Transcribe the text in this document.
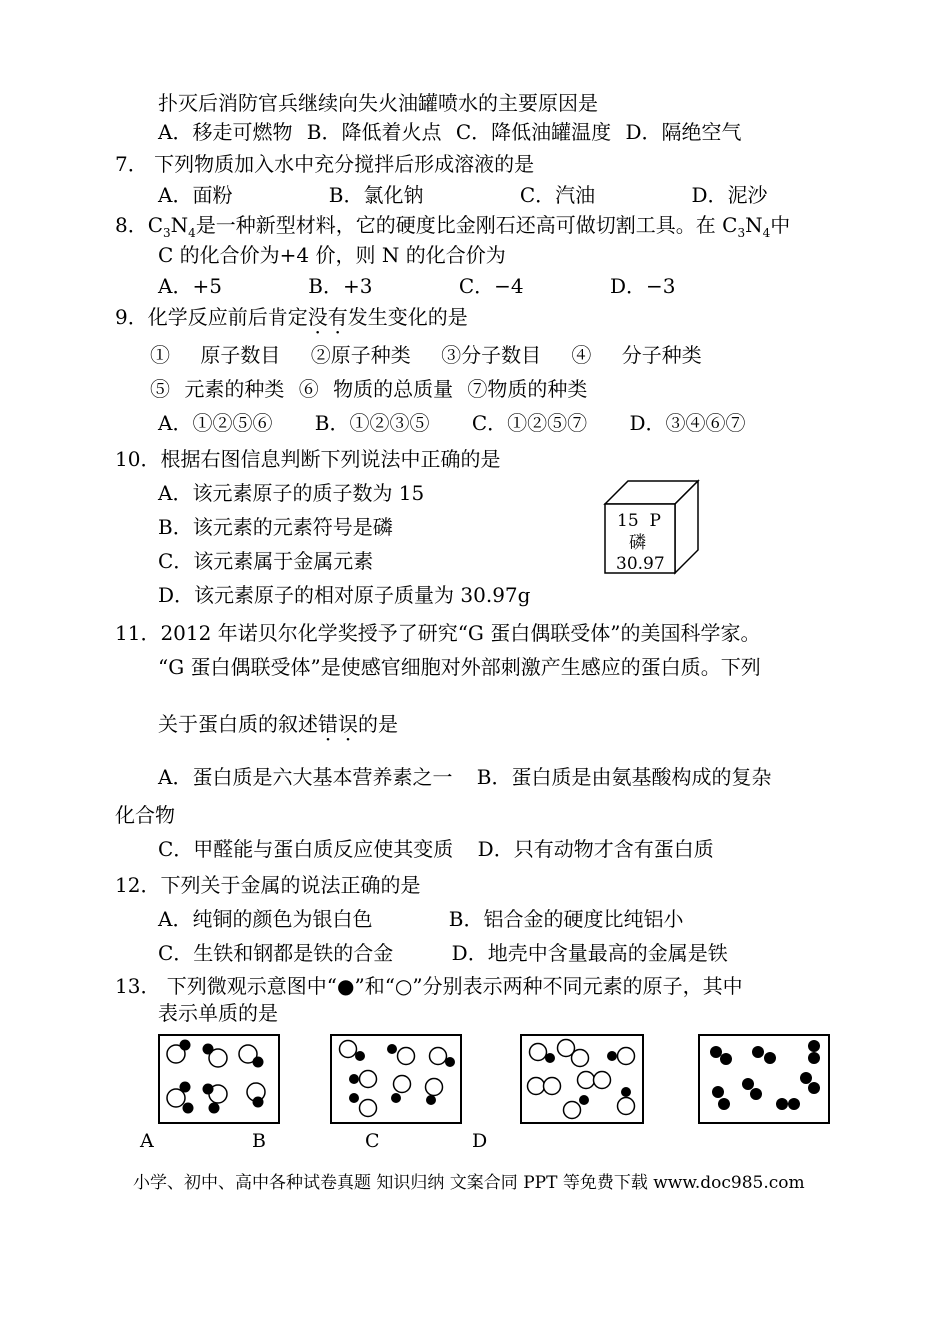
扑灭后消防官兵继续向失火油罐喷水的主要原因是
A．移走可燃物 B．降低着火点 C．降低油罐温度 D．隔绝空气
7． 下列物质加入水中充分搅拌后形成溶液的是
A．面粉 B．氯化钠 C．汽油 D．泥沙
8．$C_3N_4$是一种新型材料，它的硬度比金刚石还高可做切割工具。在 $C_3N_4$中
C 的化合价为+4 价，则 N 的化合价为
A．+5 B．+3 C．−4 D．−3
9．化学反应前后肯定没有发生变化的是
① 原子数目 ②原子种类 ③分子数目 ④ 分子种类
⑤ 元素的种类 ⑥ 物质的总质量 ⑦物质的种类
A．①②⑤⑥ B．①②③⑤ C．①②⑤⑦ D．③④⑥⑦
10．根据右图信息判断下列说法中正确的是
A．该元素原子的质子数为 15
B．该元素的元素符号是磷
C．该元素属于金属元素
D．该元素原子的相对原子质量为 30.97g
15 P
磷
30.97
11．2012 年诺贝尔化学奖授予了研究“G 蛋白偶联受体”的美国科学家。
“G 蛋白偶联受体”是使感官细胞对外部刺激产生感应的蛋白质。下列
关于蛋白质的叙述错误的是
A．蛋白质是六大基本营养素之一 B．蛋白质是由氨基酸构成的复杂
化合物
C．甲醛能与蛋白质反应使其变质 D．只有动物才含有蛋白质
12．下列关于金属的说法正确的是
A．纯铜的颜色为银白色 B．铝合金的硬度比纯铝小
C．生铁和钢都是铁的合金 D．地壳中含量最高的金属是铁
13． 下列微观示意图中“●”和“○”分别表示两种不同元素的原子，其中
表示单质的是
A	B	C	D
小学、初中、高中各种试卷真题 知识归纳 文案合同 PPT 等免费下载 www.doc985.com
